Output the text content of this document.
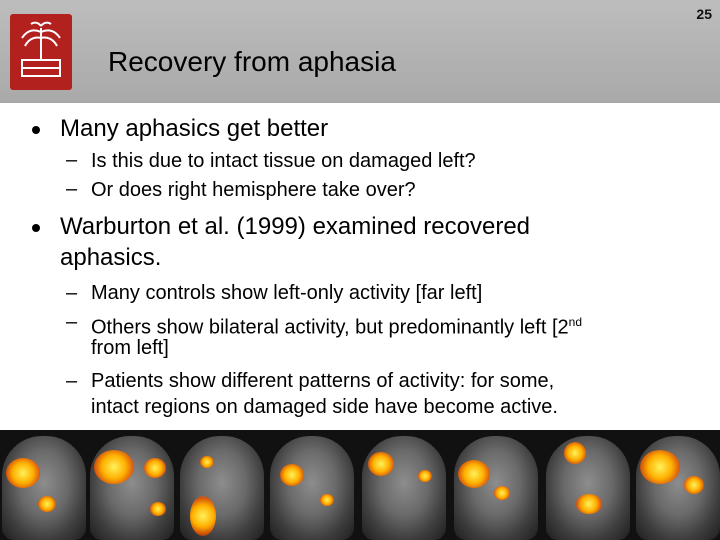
25
Recovery from aphasia
Many aphasics get better
– Is this due to intact tissue on damaged left?
– Or does right hemisphere take over?
Warburton et al. (1999) examined recovered
aphasics.
– Many controls show left-only activity [far left]
– Others show bilateral activity, but predominantly left [2nd
from left]
– Patients show different patterns of activity: for some,
intact regions on damaged side have become active.
